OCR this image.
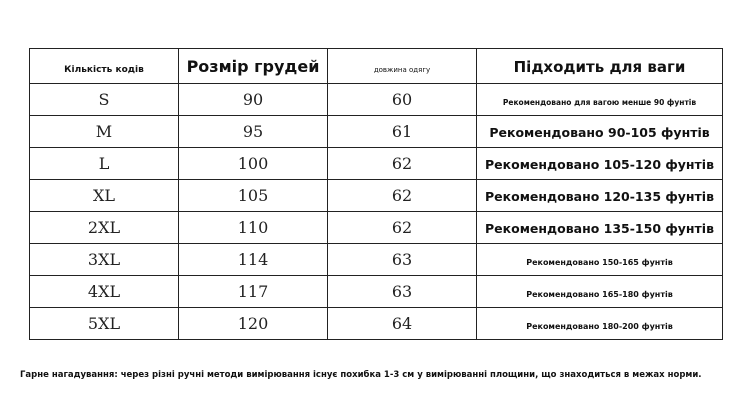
Кількість кодів	Розмір грудей	довжина одягу	Підходить для ваги
S	90	60	Рекомендовано для вагою менше 90 фунтів
M	95	61	Рекомендовано 90-105 фунтів
L	100	62	Рекомендовано 105-120 фунтів
XL	105	62	Рекомендовано 120-135 фунтів
2XL	110	62	Рекомендовано 135-150 фунтів
3XL	114	63	Рекомендовано 150-165 фунтів
4XL	117	63	Рекомендовано 165-180 фунтів
5XL	120	64	Рекомендовано 180-200 фунтів
Гарне нагадування: через різні ручні методи вимірювання існує похибка 1-3 см у вимірюванні площини, що знаходиться в межах норми.
